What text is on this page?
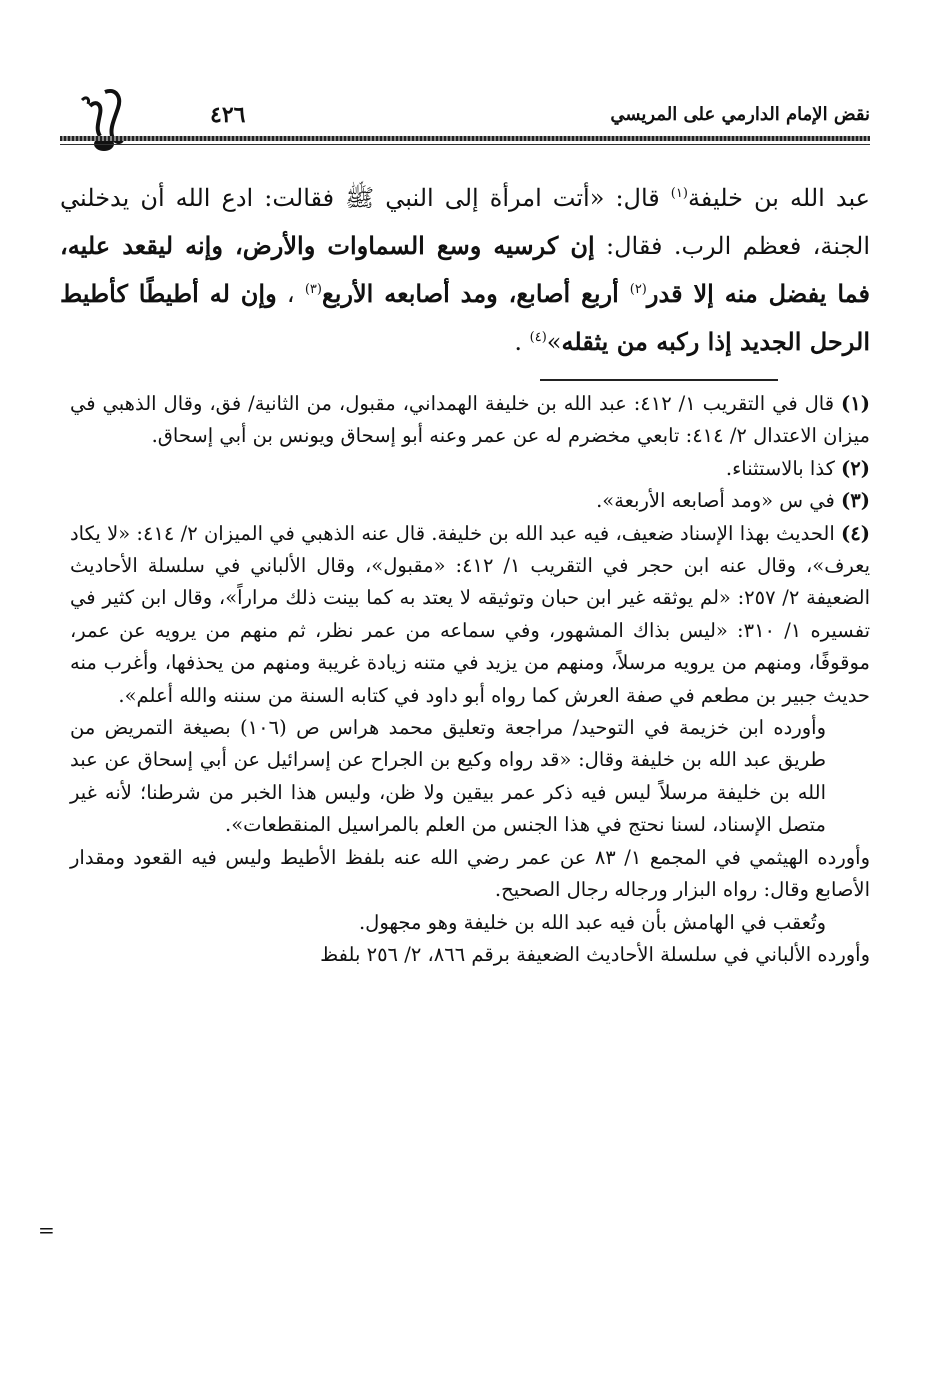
نقض الإمام الدارمي على المريسي
٤٢٦

عبد الله بن خليفة$^{(١)}$ قال: «أتت امرأة إلى النبي ﷺ فقالت: ادع الله أن يدخلني الجنة، فعظم الرب. فقال: إن كرسيه وسع السماوات والأرض، وإنه ليقعد عليه، فما يفضل منه إلا قدر$^{(٢)}$ أربع أصابع، ومد أصابعه الأربع$^{(٣)}$ ، وإن له أطيطًا كأطيط الرحل الجديد إذا ركبه من يثقله»$^{(٤)}$ .

(١) قال في التقريب ١/ ٤١٢: عبد الله بن خليفة الهمداني، مقبول، من الثانية/ فق، وقال الذهبي في ميزان الاعتدال ٢/ ٤١٤: تابعي مخضرم له عن عمر وعنه أبو إسحاق ويونس بن أبي إسحاق.

(٢) كذا بالاستثناء.

(٣) في س «ومد أصابعه الأربعة».

(٤) الحديث بهذا الإسناد ضعيف، فيه عبد الله بن خليفة. قال عنه الذهبي في الميزان ٢/ ٤١٤: «لا يكاد يعرف»، وقال عنه ابن حجر في التقريب ١/ ٤١٢: «مقبول»، وقال الألباني في سلسلة الأحاديث الضعيفة ٢/ ٢٥٧: «لم يوثقه غير ابن حبان وتوثيقه لا يعتد به كما بينت ذلك مراراً»، وقال ابن كثير في تفسيره ١/ ٣١٠: «ليس بذاك المشهور، وفي سماعه من عمر نظر، ثم منهم من يرويه عن عمر، موقوفًا، ومنهم من يرويه مرسلاً، ومنهم من يزيد في متنه زيادة غريبة ومنهم من يحذفها، وأغرب منه حديث جبير بن مطعم في صفة العرش كما رواه أبو داود في كتابه السنة من سننه والله أعلم».

وأورده ابن خزيمة في التوحيد/ مراجعة وتعليق محمد هراس ص (١٠٦) بصيغة التمريض من طريق عبد الله بن خليفة وقال: «قد رواه وكيع بن الجراح عن إسرائيل عن أبي إسحاق عن عبد الله بن خليفة مرسلاً ليس فيه ذكر عمر بيقين ولا ظن، وليس هذا الخبر من شرطنا؛ لأنه غير متصل الإسناد، لسنا نحتج في هذا الجنس من العلم بالمراسيل المنقطعات».

وأورده الهيثمي في المجمع ١/ ٨٣ عن عمر رضي الله عنه بلفظ الأطيط وليس فيه القعود ومقدار الأصابع وقال: رواه البزار ورجاله رجال الصحيح.

وتُعقب في الهامش بأن فيه عبد الله بن خليفة وهو مجهول.

وأورده الألباني في سلسلة الأحاديث الضعيفة برقم ٨٦٦، ٢/ ٢٥٦ بلفظ

=
